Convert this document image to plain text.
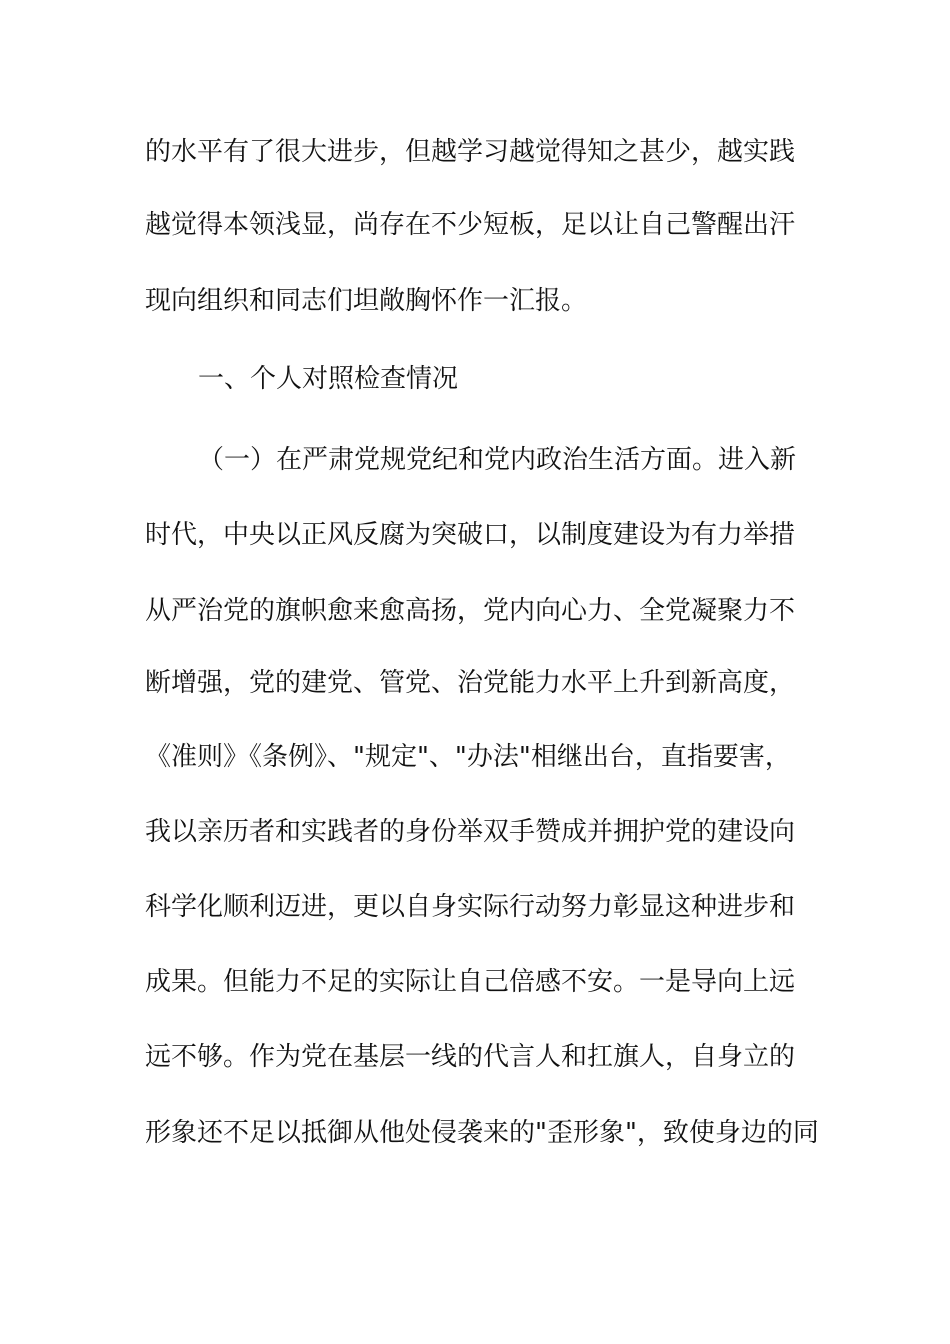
的水平有了很大进步，但越学习越觉得知之甚少，越实践
越觉得本领浅显，尚存在不少短板，足以让自己警醒出汗
现向组织和同志们坦敞胸怀作一汇报。
一、个人对照检查情况
（一）在严肃党规党纪和党内政治生活方面。进入新
时代，中央以正风反腐为突破口，以制度建设为有力举措
从严治党的旗帜愈来愈高扬，党内向心力、全党凝聚力不
断增强，党的建党、管党、治党能力水平上升到新高度，
《准则》《条例》、"规定"、"办法"相继出台，直指要害，
我以亲历者和实践者的身份举双手赞成并拥护党的建设向
科学化顺利迈进，更以自身实际行动努力彰显这种进步和
成果。但能力不足的实际让自己倍感不安。一是导向上远
远不够。作为党在基层一线的代言人和扛旗人，自身立的
形象还不足以抵御从他处侵袭来的"歪形象"，致使身边的同
